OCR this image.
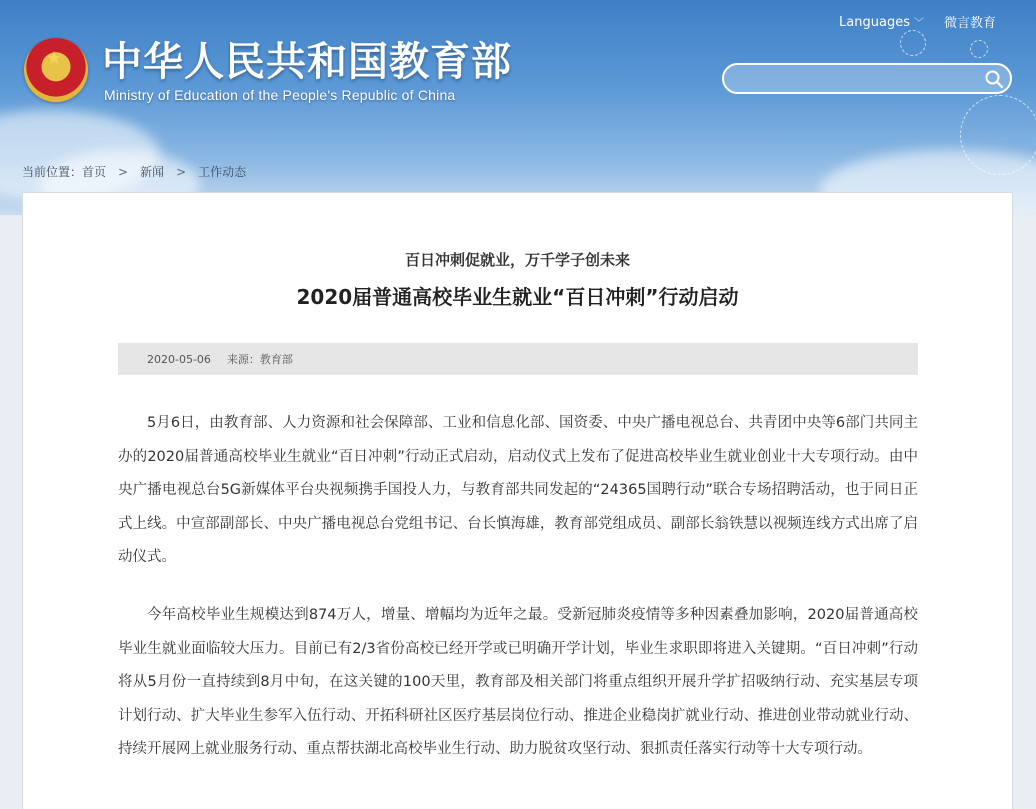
★ 中华人民共和国教育部
Ministry of Education of the People's Republic of China
Languages ﹀ 微言教育
当前位置： 首页 > 新闻 > 工作动态
百日冲刺促就业，万千学子创未来
2020届普通高校毕业生就业“百日冲刺”行动启动
2020-05-06 来源：教育部

5月6日，由教育部、人力资源和社会保障部、工业和信息化部、国资委、中央广播电视总台、共青团中央等6部门共同主办的2020届普通高校毕业生就业“百日冲刺”行动正式启动，启动仪式上发布了促进高校毕业生就业创业十大专项行动。由中央广播电视总台5G新媒体平台央视频携手国投人力，与教育部共同发起的“24365国聘行动”联合专场招聘活动，也于同日正式上线。中宣部副部长、中央广播电视总台党组书记、台长慎海雄，教育部党组成员、副部长翁铁慧以视频连线方式出席了启动仪式。

今年高校毕业生规模达到874万人，增量、增幅均为近年之最。受新冠肺炎疫情等多种因素叠加影响，2020届普通高校毕业生就业面临较大压力。目前已有2/3省份高校已经开学或已明确开学计划，毕业生求职即将进入关键期。“百日冲刺”行动将从5月份一直持续到8月中旬，在这关键的100天里，教育部及相关部门将重点组织开展升学扩招吸纳行动、充实基层专项计划行动、扩大毕业生参军入伍行动、开拓科研社区医疗基层岗位行动、推进企业稳岗扩就业行动、推进创业带动就业行动、持续开展网上就业服务行动、重点帮扶湖北高校毕业生行动、助力脱贫攻坚行动、狠抓责任落实行动等十大专项行动。
